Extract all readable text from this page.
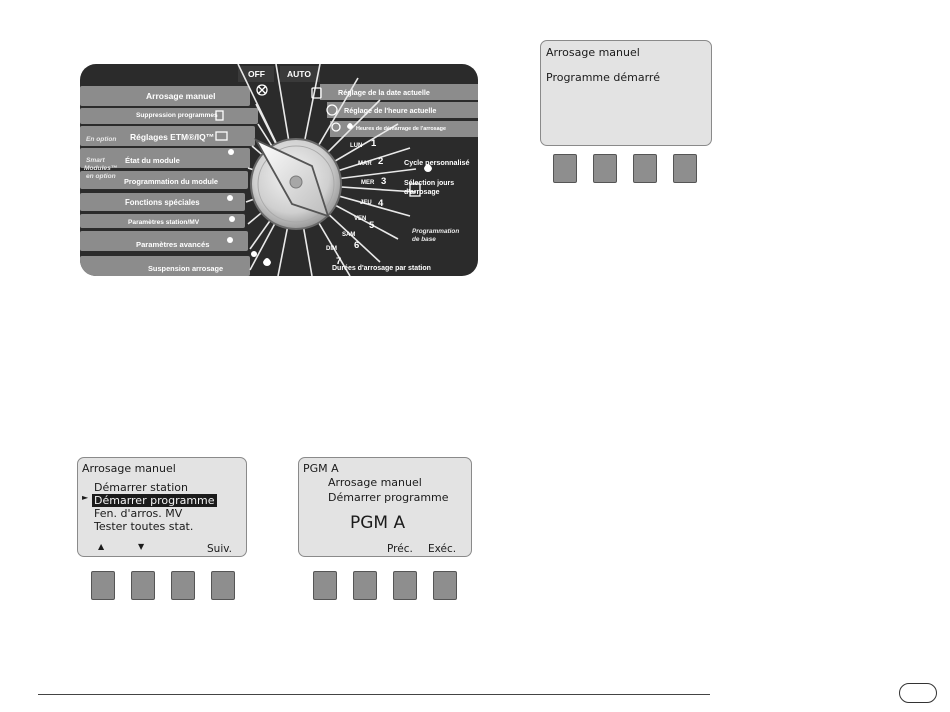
OFF	AUTO
Arrosage manuel
Suppression programmes
En option Réglages ETM®/IQ™
Smart
Modules™
en option
État du module
Programmation du module
Fonctions spéciales
Paramètres station/MV
Paramètres avancés
Suspension arrosage
Réglage de la date actuelle
Réglage de l'heure actuelle
Heures de démarrage de l'arrosage
Cycle personnalisé
Sélection jours
d'arrosage
Programmation
de base
Durées d'arrosage par station
LUN 1
MAR 2
MER 3
JEU 4
VEN
5
SAM
6
DIM
7
Arrosage manuel
Programme démarré
Arrosage manuel
Démarrer station
► Démarrer programme
Fen. d'arros. MV
Tester toutes stat.
▲	▼	Suiv.
PGM A
Arrosage manuel
Démarrer programme
PGM A
Préc. Exéc.
